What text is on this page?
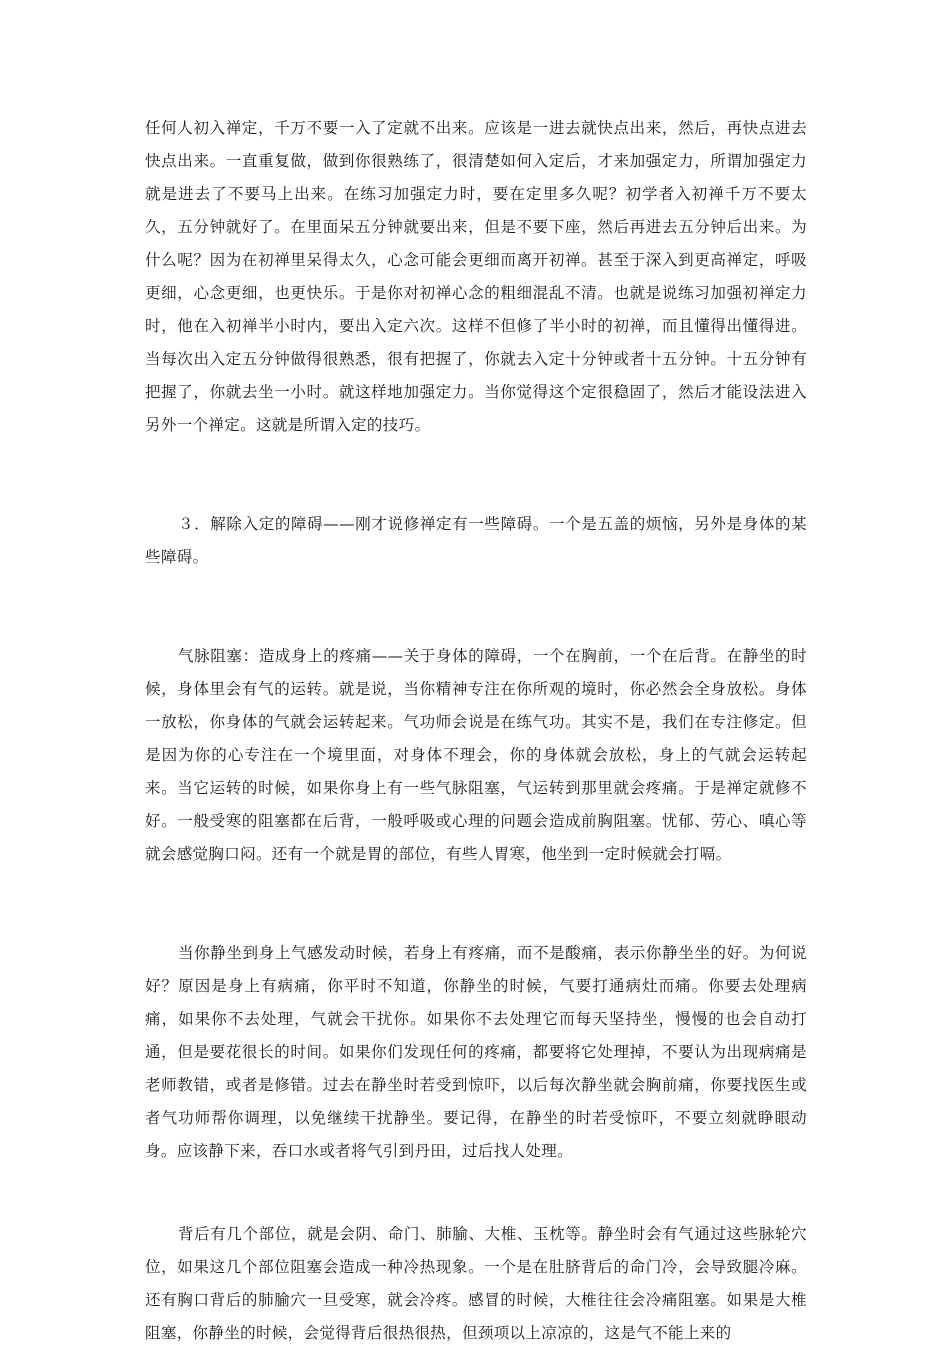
任何人初入禅定，千万不要一入了定就不出来。应该是一进去就快点出来，然后，再快点进去快点出来。一直重复做，做到你很熟练了，很清楚如何入定后，才来加强定力，所谓加强定力就是进去了不要马上出来。在练习加强定力时，要在定里多久呢？初学者入初禅千万不要太久，五分钟就好了。在里面呆五分钟就要出来，但是不要下座，然后再进去五分钟后出来。为什么呢？因为在初禅里呆得太久，心念可能会更细而离开初禅。甚至于深入到更高禅定，呼吸更细，心念更细，也更快乐。于是你对初禅心念的粗细混乱不清。也就是说练习加强初禅定力时，他在入初禅半小时内，要出入定六次。这样不但修了半小时的初禅，而且懂得出懂得进。当每次出入定五分钟做得很熟悉，很有把握了，你就去入定十分钟或者十五分钟。十五分钟有把握了，你就去坐一小时。就这样地加强定力。当你觉得这个定很稳固了，然后才能设法进入另外一个禅定。这就是所谓入定的技巧。

３．解除入定的障碍——刚才说修禅定有一些障碍。一个是五盖的烦恼，另外是身体的某些障碍。

气脉阻塞：造成身上的疼痛——关于身体的障碍，一个在胸前，一个在后背。在静坐的时候，身体里会有气的运转。就是说，当你精神专注在你所观的境时，你必然会全身放松。身体一放松，你身体的气就会运转起来。气功师会说是在练气功。其实不是，我们在专注修定。但是因为你的心专注在一个境里面，对身体不理会，你的身体就会放松，身上的气就会运转起来。当它运转的时候，如果你身上有一些气脉阻塞，气运转到那里就会疼痛。于是禅定就修不好。一般受寒的阻塞都在后背，一般呼吸或心理的问题会造成前胸阻塞。忧郁、劳心、嗔心等就会感觉胸口闷。还有一个就是胃的部位，有些人胃寒，他坐到一定时候就会打嗝。

当你静坐到身上气感发动时候，若身上有疼痛，而不是酸痛，表示你静坐坐的好。为何说好？原因是身上有病痛，你平时不知道，你静坐的时候，气要打通病灶而痛。你要去处理病痛，如果你不去处理，气就会干扰你。如果你不去处理它而每天坚持坐，慢慢的也会自动打通，但是要花很长的时间。如果你们发现任何的疼痛，都要将它处理掉，不要认为出现病痛是老师教错，或者是修错。过去在静坐时若受到惊吓，以后每次静坐就会胸前痛，你要找医生或者气功师帮你调理，以免继续干扰静坐。要记得，在静坐的时若受惊吓，不要立刻就睁眼动身。应该静下来，吞口水或者将气引到丹田，过后找人处理。

背后有几个部位，就是会阴、命门、肺腧、大椎、玉枕等。静坐时会有气通过这些脉轮穴位，如果这几个部位阻塞会造成一种冷热现象。一个是在肚脐背后的命门冷，会导致腿冷麻。还有胸口背后的肺腧穴一旦受寒，就会冷疼。感冒的时候，大椎往往会冷痛阻塞。如果是大椎阻塞，你静坐的时候，会觉得背后很热很热，但颈项以上凉凉的，这是气不能上来的
